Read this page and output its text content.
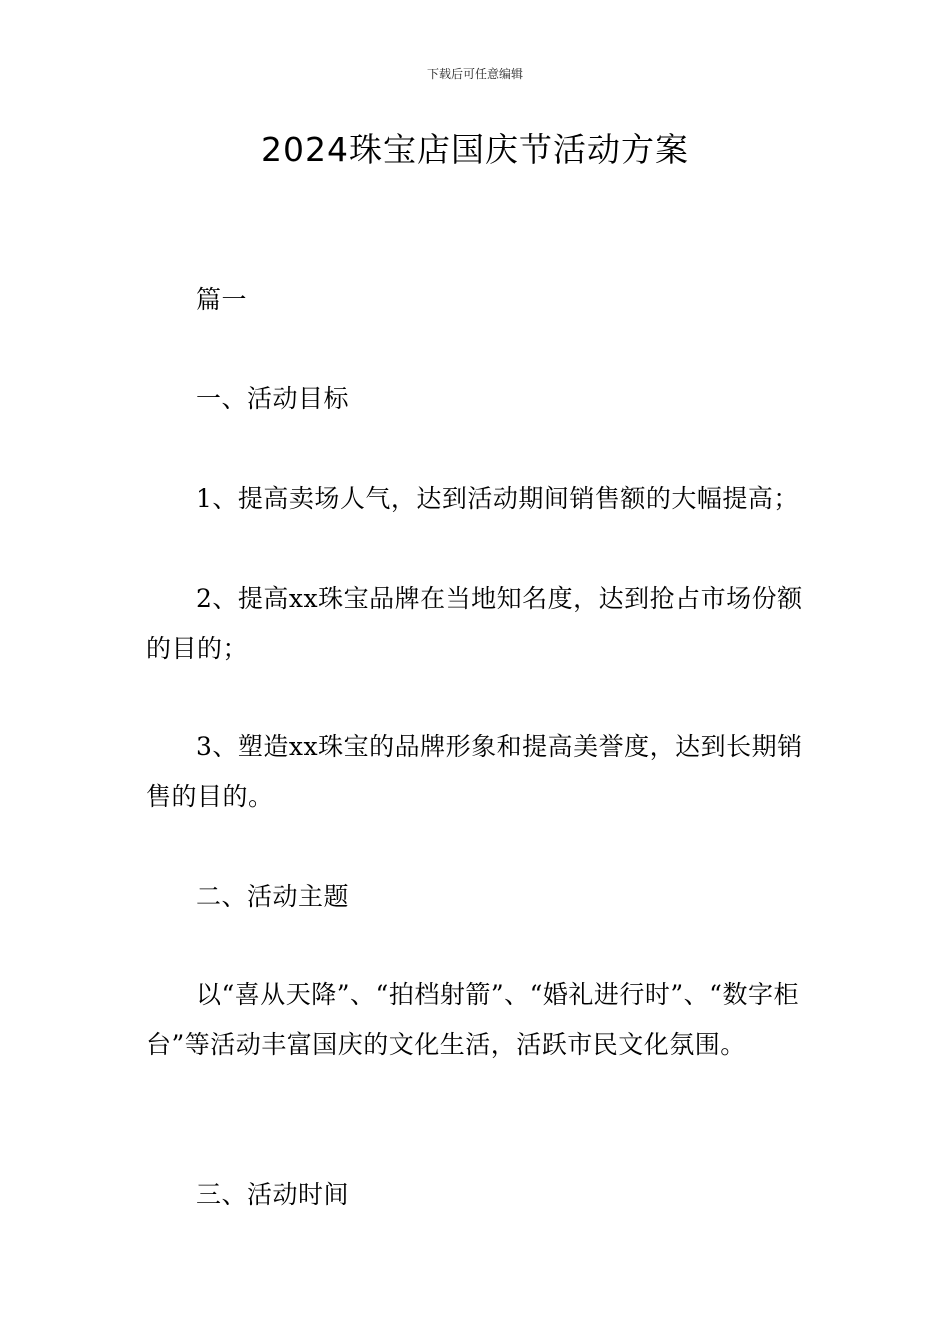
下载后可任意编辑
2024珠宝店国庆节活动方案
篇一
一、活动目标
1、提高卖场人气，达到活动期间销售额的大幅提高；
2、提高xx珠宝品牌在当地知名度，达到抢占市场份额的目的；
3、塑造xx珠宝的品牌形象和提高美誉度，达到长期销售的目的。
二、活动主题
以“喜从天降”、“拍档射箭”、“婚礼进行时”、“数字柜台”等活动丰富国庆的文化生活，活跃市民文化氛围。
三、活动时间
